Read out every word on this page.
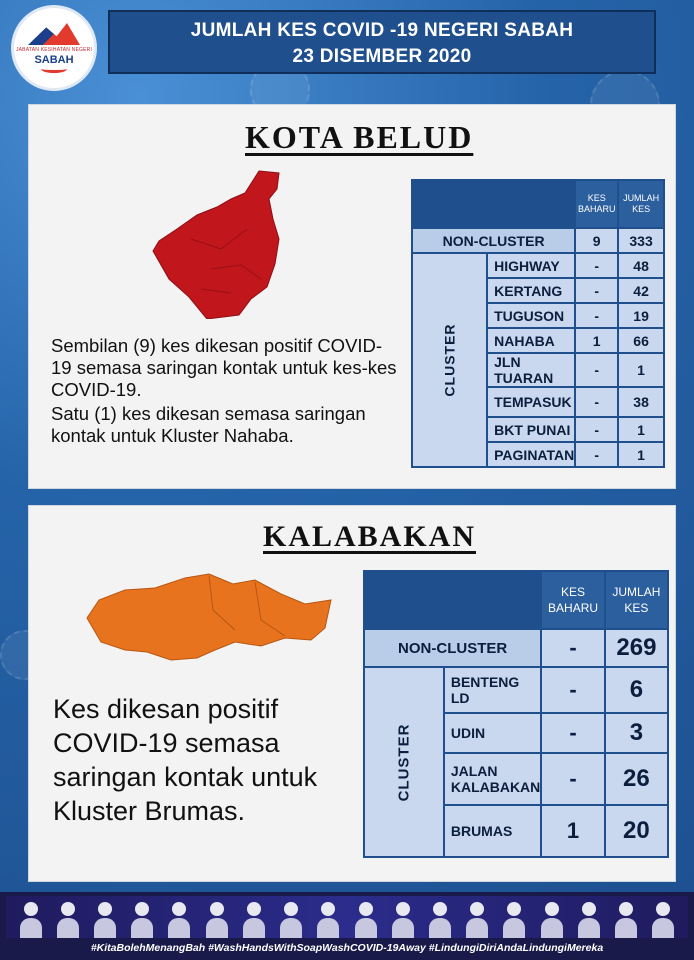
JABATAN KESIHATAN NEGERI
SABAH
JUMLAH KES COVID -19 NEGERI SABAH
23 DISEMBER 2020
KOTA BELUD
Sembilan (9) kes dikesan positif COVID-19 semasa saringan kontak untuk kes-kes COVID-19.
Satu (1) kes dikesan semasa saringan kontak untuk Kluster Nahaba.
		KES BAHARU	JUMLAH KES
NON-CLUSTER		9	333
CLUSTER	HIGHWAY	-	48
	KERTANG	-	42
	TUGUSON	-	19
	NAHABA	1	66
	JLN TUARAN	-	1
	TEMPASUK	-	38
	BKT PUNAI	-	1
	PAGINATAN	-	1
KALABAKAN
Kes dikesan positif COVID-19 semasa saringan kontak untuk Kluster Brumas.
		KES BAHARU	JUMLAH KES
NON-CLUSTER		-	269
CLUSTER	BENTENG LD	-	6
	UDIN	-	3
	JALAN KALABAKAN	-	26
	BRUMAS	1	20
#KitaBolehMenangBah #WashHandsWithSoapWashCOVID-19Away #LindungiDiriAndaLindungiMereka
